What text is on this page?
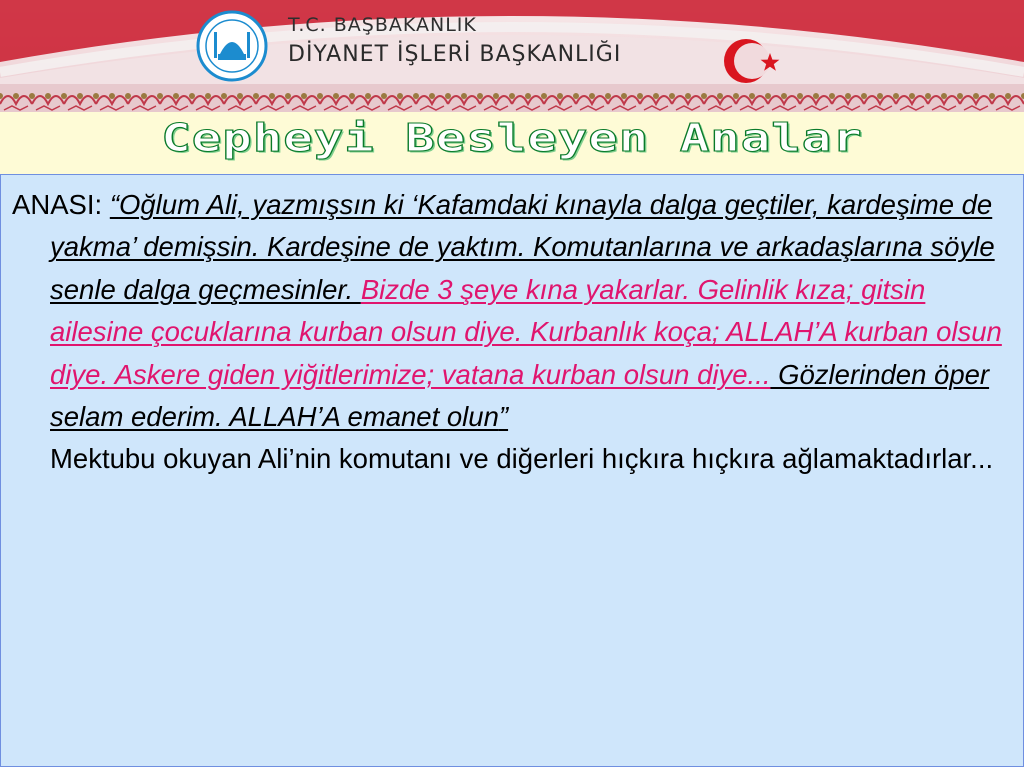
T.C. BAŞBAKANLIK
DİYANET İŞLERİ BAŞKANLIĞI
Cepheyi Besleyen Analar
ANASI: “Oğlum Ali, yazmışsın ki ‘Kafamdaki kınayla dalga geçtiler, kardeşime de yakma’ demişsin. Kardeşine de yaktım. Komutanlarına ve arkadaşlarına söyle senle dalga geçmesinler. Bizde 3 şeye kına yakarlar. Gelinlik kıza; gitsin ailesine çocuklarına kurban olsun diye. Kurbanlık koça; ALLAH’A kurban olsun diye. Askere giden yiğitlerimize; vatana kurban olsun diye... Gözlerinden öper selam ederim. ALLAH’A emanet olun”
Mektubu okuyan Ali’nin komutanı ve diğerleri hıçkıra hıçkıra ağlamaktadırlar...
